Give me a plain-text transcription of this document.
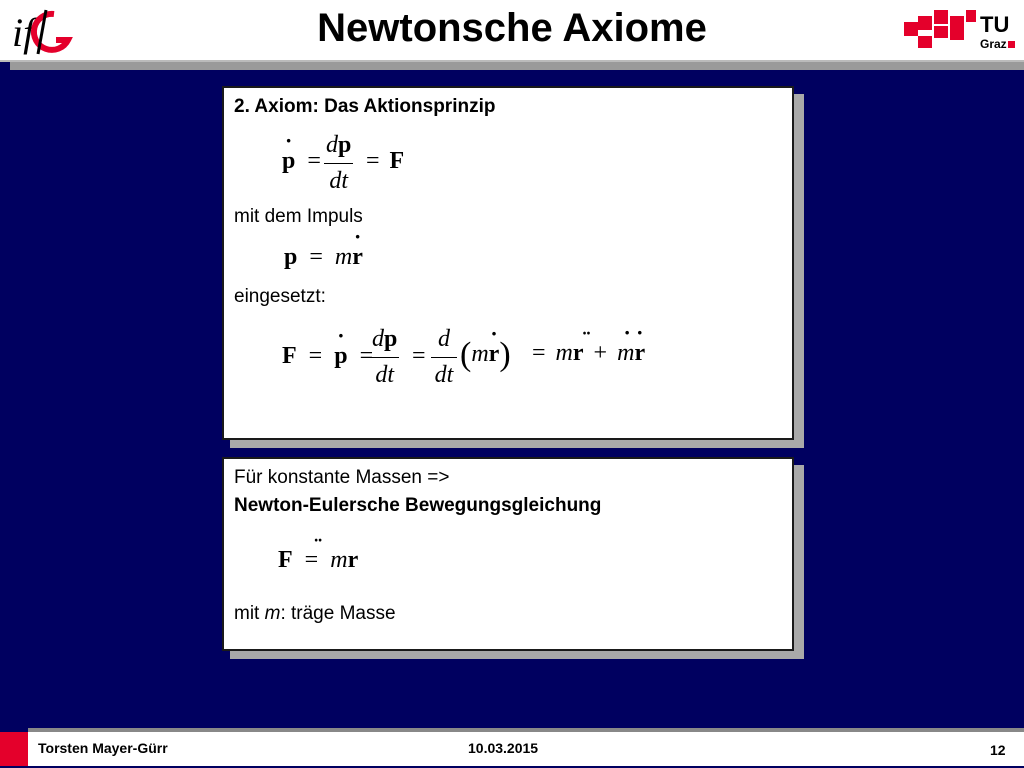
Newtonsche Axiome
if	TU
Graz
2. Axiom: Das Aktionsprinzip
˙ $p = \frac{dp}{dt} = F$
mit dem Impuls
p = m˙ r
eingesetzt:
F = ˙ p =
$\frac{dp}{dt} = \frac{d}{dt}$ (m˙ r) = m¨ r + ˙ m˙ r
Für konstante Massen =>
Newton-Eulersche Bewegungsgleichung
F = m¨ r
mit m: träge Masse
Torsten Mayer-Gürr	10.03.2015	12
